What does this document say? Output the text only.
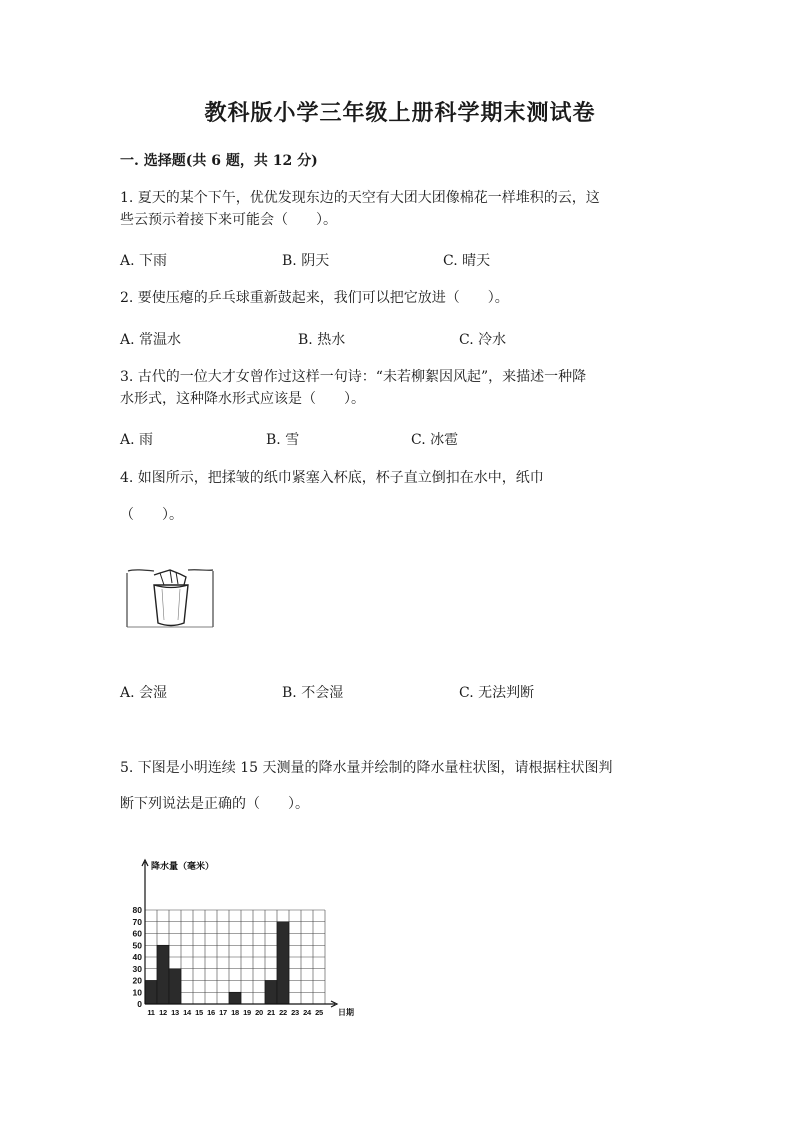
教科版小学三年级上册科学期末测试卷
一. 选择题(共 6 题，共 12 分)
1. 夏天的某个下午，优优发现东边的天空有大团大团像棉花一样堆积的云，这
些云预示着接下来可能会（　　）。
A. 下雨	B. 阴天	C. 晴天
2. 要使压瘪的乒乓球重新鼓起来，我们可以把它放进（　　）。
A. 常温水	B. 热水	C. 冷水
3. 古代的一位大才女曾作过这样一句诗：“未若柳絮因风起”，来描述一种降
水形式，这种降水形式应该是（　　）。
A. 雨	B. 雪	C. 冰雹
4. 如图所示，把揉皱的纸巾紧塞入杯底，杯子直立倒扣在水中，纸巾
（　　）。
A. 会湿	B. 不会湿	C. 无法判断
5. 下图是小明连续 15 天测量的降水量并绘制的降水量柱状图，请根据柱状图判
断下列说法是正确的（　　）。
0
10
20
30
40
50
60
70
80
11 12 13 14 15 16 17 18 19 20 21 22 23 24 25
降水量（毫米）
日期
